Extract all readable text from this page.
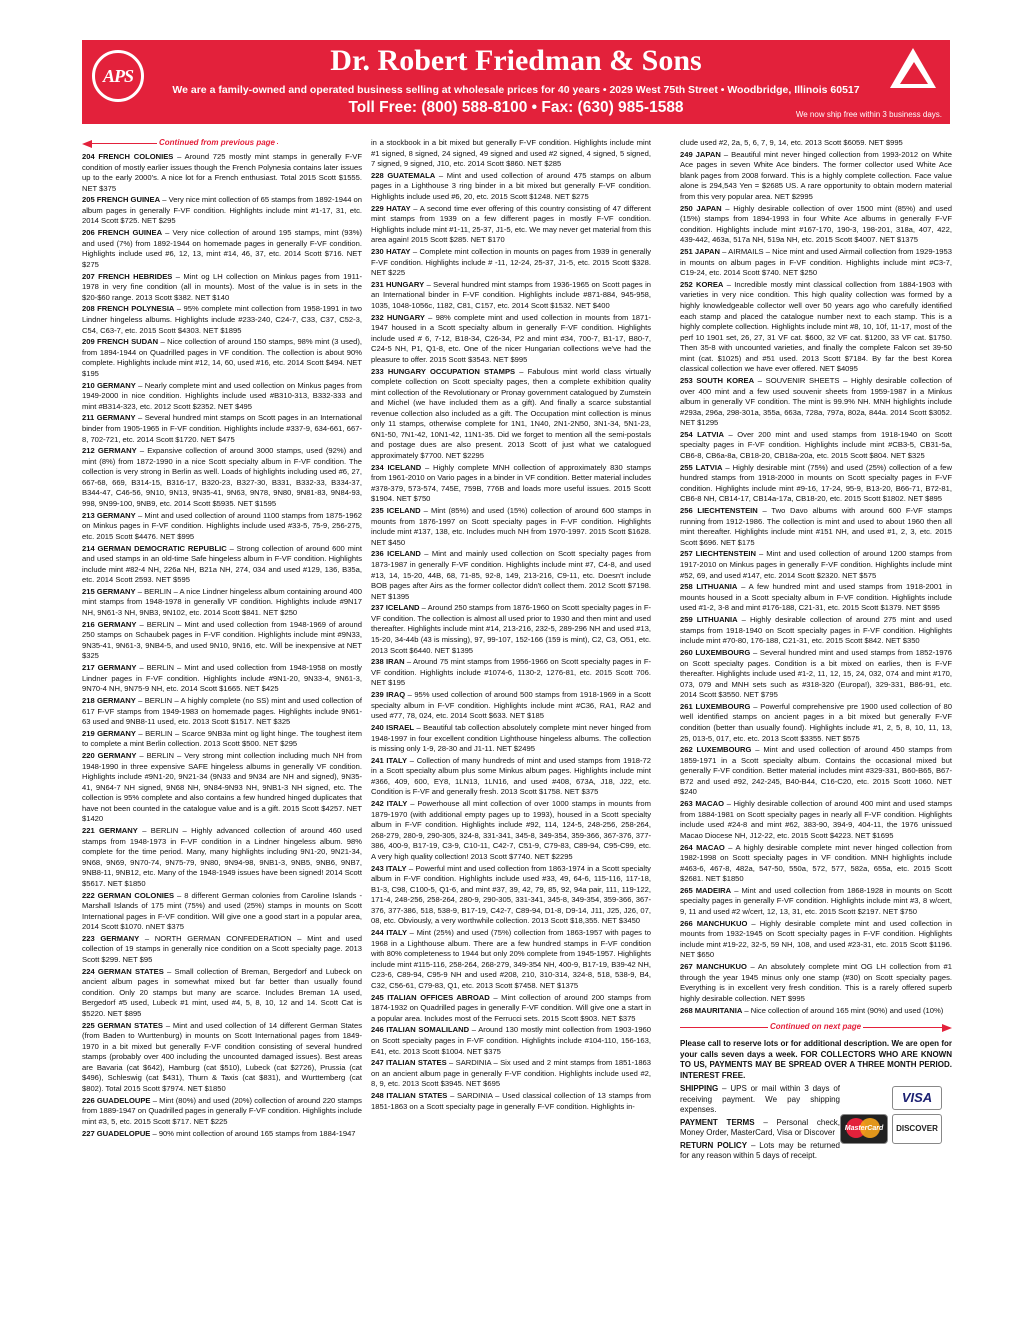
APS	Dr. Robert Friedman & Sons
We are a family-owned and operated business selling at wholesale prices for 40 years • 2029 West 75th Street • Woodbridge, Illinois 60517
Toll Free: (800) 588-8100 • Fax: (630) 985-1588	We now ship free within 3 business days.
Continued from previous page
204 FRENCH COLONIES – Around 725 mostly mint stamps in generally F-VF condition of mostly earlier issues though the French Polynesia contains later issues up to the early 2000's. A nice lot for a French enthusiast. Total 2015 Scott $1555. NET $375
205 FRENCH GUINEA – Very nice mint collection of 65 stamps from 1892-1944 on album pages in generally F-VF condition. Highlights include mint #1-17, 31, etc. 2014 Scott $725. NET $295
206 FRENCH GUINEA – Very nice collection of around 195 stamps, mint (93%) and used (7%) from 1892-1944 on homemade pages in generally F-VF condition. Highlights include used #6, 12, 13, mint #14, 46, 37, etc. 2014 Scott $716. NET $275
207 FRENCH HEBRIDES – Mint og LH collection on Minkus pages from 1911-1978 in very fine condition (all in mounts). Most of the value is in sets in the $20-$60 range. 2013 Scott $382. NET $140
208 FRENCH POLYNESIA – 95% complete mint collection from 1958-1991 in two Lindner hingeless albums. Highlights include #233-240, C24-7, C33, C37, C52-3, C54, C63-7, etc. 2015 Scott $4303. NET $1895
209 FRENCH SUDAN – Nice collection of around 150 stamps, 98% mint (3 used), from 1894-1944 on Quadrilled pages in VF condition. The collection is about 90% complete. Highlights include mint #12, 14, 60, used #16, etc. 2014 Scott $494. NET $195
210 GERMANY – Nearly complete mint and used collection on Minkus pages from 1949-2000 in nice condition. Highlights include used #B310-313, B332-333 and mint #B314-323, etc. 2012 Scott $2352. NET $495
211 GERMANY – Several hundred mint stamps on Scott pages in an International binder from 1905-1965 in F-VF condition. Highlights include #337-9, 634-661, 667-8, 702-721, etc. 2014 Scott $1720. NET $475
212 GERMANY – Expansive collection of around 3000 stamps, used (92%) and mint (8%) from 1872-1990 in a nice Scott specialty album in F-VF condition. The collection is very strong in Berlin as well. Loads of highlights including used #6, 27, 667-68, 669, B314-15, B316-17, B320-23, B327-30, B331, B332-33, B334-37, B344-47, C46-56, 9N10, 9N13, 9N35-41, 9N63, 9N78, 9N80, 9N81-83, 9N84-93, 998, 9N99-100, 9NB9, etc. 2014 Scott $5935. NET $1595
213 GERMANY – Mint and used collection of around 1100 stamps from 1875-1962 on Minkus pages in F-VF condition. Highlights include used #33-5, 75-9, 256-275, etc. 2015 Scott $4476. NET $995
214 GERMAN DEMOCRATIC REPUBLIC – Strong collection of around 600 mint and used stamps in an old-time Safe hingeless album in F-VF condition. Highlights include mint #82-4 NH, 226a NH, B21a NH, 274, 034 and used #129, 136, B35a, etc. 2014 Scott 2593. NET $595
215 GERMANY – BERLIN – A nice Lindner hingeless album containing around 400 mint stamps from 1948-1978 in generally VF condition. Highlights include #9N17 NH, 9N61-3 NH, 9NB3, 9N102, etc. 2014 Scott $841. NET $250
216 GERMANY – BERLIN – Mint and used collection from 1948-1969 of around 250 stamps on Schaubek pages in F-VF condition. Highlights include mint #9N33, 9N35-41, 9N61-3, 9NB4-5, and used 9N10, 9N16, etc. Will be inexpensive at NET $325
217 GERMANY – BERLIN – Mint and used collection from 1948-1958 on mostly Lindner pages in F-VF condition. Highlights include #9N1-20, 9N33-4, 9N61-3, 9N70-4 NH, 9N75-9 NH, etc. 2014 Scott $1665. NET $425
218 GERMANY – BERLIN – A highly complete (no SS) mint and used collection of 617 F-VF stamps from 1949-1983 on homemade pages. Highlights include 9N61-63 used and 9NB8-11 used, etc. 2013 Scott $1517. NET $325
219 GERMANY – BERLIN – Scarce 9NB3a mint og light hinge. The toughest item to complete a mint Berlin collection. 2013 Scott $500. NET $295
220 GERMANY – BERLIN – Very strong mint collection including much NH from 1948-1990 in three expensive SAFE hingeless albums in generally VF condition. Highlights include #9N1-20, 9N21-34 (9N33 and 9N34 are NH and signed), 9N35-41, 9N64-7 NH signed, 9N68 NH, 9N84-9N93 NH, 9NB1-3 NH signed, etc. The collection is 95% complete and also contains a few hundred hinged duplicates that have not been counted in the catalogue value and is a gift. 2015 Scott $4257. NET $1420
221 GERMANY – BERLIN – Highly advanced collection of around 460 used stamps from 1948-1973 in F-VF condition in a Lindner hingeless album. 98% complete for the time period. Many, many highlights including 9N1-20, 9N21-34, 9N68, 9N69, 9N70-74, 9N75-79, 9N80, 9N94-98, 9NB1-3, 9NB5, 9NB6, 9NB7, 9NB8-11, 9NB12, etc. Many of the 1948-1949 issues have been signed! 2014 Scott $5617. NET $1850
222 GERMAN COLONIES – 8 different German colonies from Caroline Islands - Marshall Islands of 175 mint (75%) and used (25%) stamps in mounts on Scott International pages in F-VF condition. Will give one a good start in a popular area, 2014 Scott $1070. nNET $375
223 GERMANY – NORTH GERMAN CONFEDERATION – Mint and used collection of 19 stamps in generally nice condition on a Scott specialty page. 2013 Scott $299. NET $95
224 GERMAN STATES – Small collection of Breman, Bergedorf and Lubeck on ancient album pages in somewhat mixed but far better than usually found condition. Only 20 stamps but many are scarce. Includes Breman 1A used, Bergedorf #5 used, Lubeck #1 mint, used #4, 5, 8, 10, 12 and 14. Scott Cat is $5220. NET $895
225 GERMAN STATES – Mint and used collection of 14 different German States (from Baden to Wurttenburg) in mounts on Scott International pages from 1849-1970 in a bit mixed but generally F-VF condition consisting of several hundred stamps (probably over 400 including the uncounted damaged issues). Best areas are Bavaria (cat $642), Hamburg (cat $510), Lubeck (cat $2726), Prussia (cat $496), Schleswig (cat $431), Thurn & Taxis (cat $831), and Wurttemberg (cat $802). Total 2015 Scott $7974. NET $1850
226 GUADELOUPE – Mint (80%) and used (20%) collection of around 220 stamps from 1889-1947 on Quadrilled pages in generally F-VF condition. Highlights include mint #3, 5, etc. 2015 Scott $717. NET $225
227 GUADELOPUE – 90% mint collection of around 165 stamps from 1884-1947
in a stockbook in a bit mixed but generally F-VF condition. Highlights include mint #1 signed, 8 signed, 24 signed, 49 signed and used #2 signed, 4 signed, 5 signed, 7 signed, 9 signed, J10, etc. 2014 Scott $860. NET $285
228 GUATEMALA – Mint and used collection of around 475 stamps on album pages in a Lighthouse 3 ring binder in a bit mixed but generally F-VF condition. Highlights include used #6, 20, etc. 2015 Scott $1248. NET $275
229 HATAY – A second time ever offering of this country consisting of 47 different mint stamps from 1939 on a few different pages in mostly F-VF condition. Highlights include mint #1-11, 25-37, J1-5, etc. We may never get material from this area again! 2015 Scott $285. NET $170
230 HATAY – Complete mint collection in mounts on pages from 1939 in generally F-VF condition. Highlights include # -11, 12-24, 25-37, J1-5, etc. 2015 Scott $328. NET $225
231 HUNGARY – Several hundred mint stamps from 1936-1965 on Scott pages in an International binder in F-VF condition. Highlights include #871-884, 945-958, 1035, 1048-1056c, 1182, C81, C157, etc. 2014 Scott $1532. NET $400
232 HUNGARY – 98% complete mint and used collection in mounts from 1871-1947 housed in a Scott specialty album in generally F-VF condition. Highlights include used # 6, 7-12, B18-34, C26-34, P2 and mint #34, 700-7, B1-17, B80-7, C24-5 NH, P1, Q1-8, etc. One of the nicer Hungarian collections we've had the pleasure to offer. 2015 Scott $3543. NET $995
233 HUNGARY OCCUPATION STAMPS – Fabulous mint world class virtually complete collection on Scott specialty pages, then a complete exhibition quality mint collection of the Revolutionary or Pronay government catalogued by Zumstein and Michel (we have included them as a gift). And finally a scarce substantial revenue collection also included as a gift. The Occupation mint collection is minus only 11 stamps, otherwise complete for 1N1, 1N40, 2N1-2N50, 3N1-34, 5N1-23, 6N1-50, 7N1-42, 10N1-42, 11N1-35. Did we forget to mention all the semi-postals and postage dues are also present. 2013 Scott of just what we catalogued approximately $7700. NET $2295
234 ICELAND – Highly complete MNH collection of approximately 830 stamps from 1961-2010 on Vario pages in a binder in VF condition. Better material includes #378-379, 573-574, 745E, 759B, 776B and loads more useful issues. 2015 Scott $1904. NET $750
235 ICELAND – Mint (85%) and used (15%) collection of around 600 stamps in mounts from 1876-1997 on Scott specialty pages in F-VF condition. Highlights include mint #137, 138, etc. Includes much NH from 1970-1997. 2015 Scott $1628. NET $450
236 ICELAND – Mint and mainly used collection on Scott specialty pages from 1873-1987 in generally F-VF condition. Highlights include mint #7, C4-8, and used #13, 14, 15-20, 44B, 68, 71-85, 92-8, 149, 213-216, C9-11, etc. Doesn't include BOB pages after Airs as the former collector didn't collect them. 2012 Scott $7198. NET $1395
237 ICELAND – Around 250 stamps from 1876-1960 on Scott specialty pages in F-VF condition. The collection is almost all used prior to 1930 and then mint and used thereafter. Highlights include mint #14, 213-216, 232-5, 289-296 NH and used #13, 15-20, 34-44b (43 is missing), 97, 99-107, 152-166 (159 is mint), C2, C3, O51, etc. 2013 Scott $6440. NET $1395
238 IRAN – Around 75 mint stamps from 1956-1966 on Scott specialty pages in F-VF condition. Highlights include #1074-6, 1130-2, 1276-81, etc. 2015 Scott 706. NET $195
239 IRAQ – 95% used collection of around 500 stamps from 1918-1969 in a Scott specialty album in F-VF condition. Highlights include mint #C36, RA1, RA2 and used #77, 78, 024, etc. 2014 Scott $633. NET $185
240 ISRAEL – Beautiful tab collection absolutely complete mint never hinged from 1948-1997 in four excellent condition Lighthouse hingeless albums. The collection is missing only 1-9, 28-30 and J1-11. NET $2495
241 ITALY – Collection of many hundreds of mint and used stamps from 1918-72 in a Scott specialty album plus some Minkus album pages. Highlights include mint #366, 409, 600, EY8, 1LN13, 1LN16, and used #408, 673A, J18, J22, etc. Condition is F-VF and generally fresh. 2013 Scott $1758. NET $375
242 ITALY – Powerhouse all mint collection of over 1000 stamps in mounts from 1879-1970 (with additional empty pages up to 1993), housed in a Scott specialty album in F-VF condition. Highlights include #92, 114, 124-5, 248-256, 258-264, 268-279, 280-9, 290-305, 324-8, 331-341, 345-8, 349-354, 359-366, 367-376, 377-386, 400-9, B17-19, C3-9, C10-11, C42-7, C51-9, C79-83, C89-94, C95-C99, etc. A very high quality collection! 2013 Scott $7740. NET $2295
243 ITALY – Powerful mint and used collection from 1863-1974 in a Scott specialty album in F-VF condition. Highlights include used #33, 49, 64-6, 115-116, 117-18, B1-3, C98, C100-5, Q1-6, and mint #37, 39, 42, 79, 85, 92, 94a pair, 111, 119-122, 171-4, 248-256, 258-264, 280-9, 290-305, 331-341, 345-8, 349-354, 359-366, 367-376, 377-386, 518, 538-9, B17-19, C42-7, C89-94, D1-8, D9-14, J11, J25, J26, 07, 08, etc. Obviously, a very worthwhile collection. 2013 Scott $18,355. NET $3450
244 ITALY – Mint (25%) and used (75%) collection from 1863-1957 with pages to 1968 in a Lighthouse album. There are a few hundred stamps in F-VF condition with 80% completeness to 1944 but only 20% complete from 1945-1957. Highlights include mint #115-116, 258-264, 268-279, 349-354 NH, 400-9, B17-19, B39-42 NH, C23-6, C89-94, C95-9 NH and used #208, 210, 310-314, 324-8, 518, 538-9, B4, C32, C56-61, C79-83, Q1, etc. 2013 Scott $7458. NET $1375
245 ITALIAN OFFICES ABROAD – Mint collection of around 200 stamps from 1874-1932 on Quadrilled pages in generally F-VF condition. Will give one a start in a popular area. Includes most of the Ferrucci sets. 2015 Scott $903. NET $375
246 ITALIAN SOMALILAND – Around 130 mostly mint collection from 1903-1960 on Scott specialty pages in F-VF condition. Highlights include #104-110, 156-163, E41, etc. 2013 Scott $1004. NET $375
247 ITALIAN STATES – SARDINIA – Six used and 2 mint stamps from 1851-1863 on an ancient album page in generally F-VF condition. Highlights include used #2, 8, 9, etc. 2013 Scott $3945. NET $695
248 ITALIAN STATES – SARDINIA – Used classical collection of 13 stamps from 1851-1863 on a Scott specialty page in generally F-VF condition. Highlights in-
clude used #2, 2a, 5, 6, 7, 9, 14, etc. 2013 Scott $6059. NET $995
249 JAPAN – Beautiful mint never hinged collection from 1993-2012 on White Ace pages in seven White Ace binders. The former collector used White Ace blank pages from 2008 forward. This is a highly complete collection. Face value alone is 294,543 Yen = $2685 US. A rare opportunity to obtain modern material from this very popular area. NET $2995
250 JAPAN – Highly desirable collection of over 1500 mint (85%) and used (15%) stamps from 1894-1993 in four White Ace albums in generally F-VF condition. Highlights include mint #167-170, 190-3, 198-201, 318a, 407, 422, 439-442, 463a, 517a NH, 519a NH, etc. 2015 Scott $4007. NET $1375
251 JAPAN – AIRMAILS – Nice mint and used Airmail collection from 1929-1953 in mounts on album pages in F-VF condition. Highlights include mint #C3-7, C19-24, etc. 2014 Scott $740. NET $250
252 KOREA – Incredible mostly mint classical collection from 1884-1903 with varieties in very nice condition. This high quality collection was formed by a highly knowledgeable collector well over 50 years ago who carefully identified each stamp and placed the catalogue number next to each stamp. This is a highly complete collection. Highlights include mint #8, 10, 10f, 11-17, most of the perf 10 1901 set, 26, 27, 31 VF cat. $600, 32 VF cat. $1200, 33 VF cat. $1750. Then 35-8 with uncounted varieties, and finally the complete Falcon set 39-50 mint (cat. $1025) and #51 used. 2013 Scott $7184. By far the best Korea classical collection we have ever offered. NET $4095
253 SOUTH KOREA – SOUVENIR SHEETS – Highly desirable collection of over 400 mint and a few used souvenir sheets from 1959-1987 in a Minkus album in generally VF condition. The mint is 99.9% NH. MNH highlights include #293a, 296a, 298-301a, 355a, 663a, 728a, 797a, 802a, 844a. 2014 Scott $3052. NET $1295
254 LATVIA – Over 200 mint and used stamps from 1918-1940 on Scott specialty pages in F-VF condition. Highlights include mint #CB3-5, CB31-5a, CB6-8, CB6a-8a, CB18-20, CB18a-20a, etc. 2015 Scott $804. NET $325
255 LATVIA – Highly desirable mint (75%) and used (25%) collection of a few hundred stamps from 1918-2000 in mounts on Scott specialty pages in F-VF condition. Highlights include mint #9-16, 17-24, 95-9, B13-20, B66-71, B72-81, CB6-8 NH, CB14-17, CB14a-17a, CB18-20, etc. 2015 Scott $1802. NET $895
256 LIECHTENSTEIN – Two Davo albums with around 600 F-VF stamps running from 1912-1986. The collection is mint and used to about 1960 then all mint thereafter. Highlights include mint #151 NH, and used #1, 2, 3, etc. 2015 Scott $696. NET $175
257 LIECHTENSTEIN – Mint and used collection of around 1200 stamps from 1917-2010 on Minkus pages in generally F-VF condition. Highlights include mint #52, 69, and used #147, etc. 2014 Scott $2320. NET $575
258 LITHUANIA – A few hundred mint and used stamps from 1918-2001 in mounts housed in a Scott specialty album in F-VF condition. Highlights include used #1-2, 3-8 and mint #176-188, C21-31, etc. 2015 Scott $1379. NET $595
259 LITHUANIA – Highly desirable collection of around 275 mint and used stamps from 1918-1940 on Scott specialty pages in F-VF condition. Highlights include mint #70-80, 176-188, C21-31, etc. 2015 Scott $842. NET $350
260 LUXEMBOURG – Several hundred mint and used stamps from 1852-1976 on Scott specialty pages. Condition is a bit mixed on earlies, then is F-VF thereafter. Highlights include used #1-2, 11, 12, 15, 24, 032, 074 and mint #170, 073, 079 and MNH sets such as #318-320 (Europa!), 329-331, B86-91, etc. 2014 Scott $3550. NET $795
261 LUXEMBOURG – Powerful comprehensive pre 1900 used collection of 80 well identified stamps on ancient pages in a bit mixed but generally F-VF condition (better than usually found). Highlights include #1, 2, 5, 8, 10, 11, 13, 25, 013-5, 017, etc. etc. 2013 Scott $3355. NET $575
262 LUXEMBOURG – Mint and used collection of around 450 stamps from 1859-1971 in a Scott specialty album. Contains the occasional mixed but generally F-VF condition. Better material includes mint #329-331, B60-B65, B67-B72 and used #92, 242-245, B40-B44, C16-C20, etc. 2015 Scott 1060. NET $240
263 MACAO – Highly desirable collection of around 400 mint and used stamps from 1884-1981 on Scott specialty pages in nearly all F-VF condition. Highlights include used #24-8 and mint #62, 383-90, 394-9, 404-11, the 1976 unissued Macao Diocese NH, J12-22, etc. 2015 Scott $4223. NET $1695
264 MACAO – A highly desirable complete mint never hinged collection from 1982-1998 on Scott specialty pages in VF condition. MNH highlights include #463-6, 467-8, 482a, 547-50, 550a, 572, 577, 582a, 655a, etc. 2015 Scott $2681. NET $1850
265 MADEIRA – Mint and used collection from 1868-1928 in mounts on Scott specialty pages in generally F-VF condition. Highlights include mint #3, 8 w/cert, 9, 11 and used #2 w/cert, 12, 13, 31, etc. 2015 Scott $2197. NET $750
266 MANCHUKUO – Highly desirable complete mint and used collection in mounts from 1932-1945 on Scott specialty pages in F-VF condition. Highlights include mint #19-22, 32-5, 59 NH, 108, and used #23-31, etc. 2015 Scott $1196. NET $650
267 MANCHUKUO – An absolutely complete mint OG LH collection from #1 through the year 1945 minus only one stamp (#30) on Scott specialty pages. Everything is in excellent very fresh condition. This is a rarely offered superb highly desirable collection. NET $995
268 MAURITANIA – Nice collection of around 165 mint (90%) and used (10%)
Continued on next page
Please call to reserve lots or for additional description. We are open for your calls seven days a week. FOR COLLECTORS WHO ARE KNOWN TO US, PAYMENTS MAY BE SPREAD OVER A THREE MONTH PERIOD. INTEREST FREE.
SHIPPING – UPS or mail within 3 days of receiving payment. We pay shipping expenses.
PAYMENT TERMS – Personal check, Money Order, MasterCard, Visa or Discover
RETURN POLICY – Lots may be returned for any reason within 5 days of receipt.
VISA
MasterCard DISCOVER
